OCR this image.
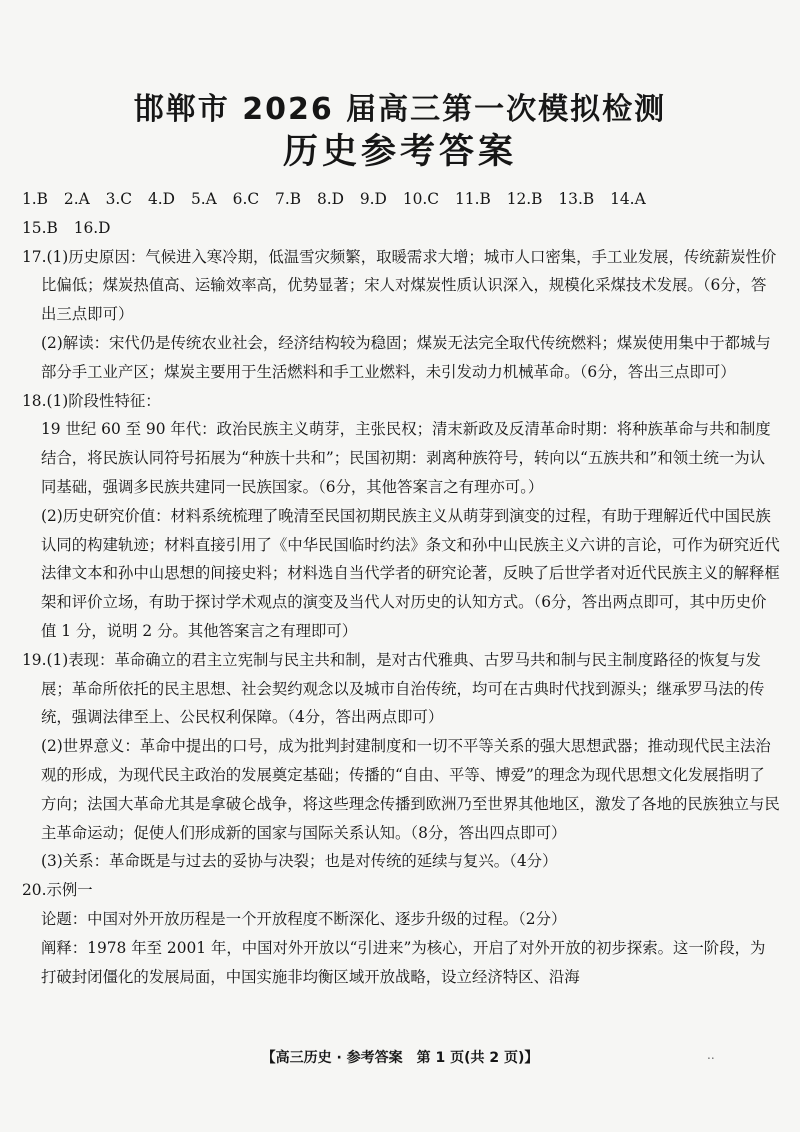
邯郸市 2026 届高三第一次模拟检测
历史参考答案
1.B 2.A 3.C 4.D 5.A 6.C 7.B 8.D 9.D 10.C 11.B 12.B 13.B 14.A
15.B 16.D
17.(1)历史原因：气候进入寒冷期，低温雪灾频繁，取暖需求大增；城市人口密集，手工业发展，传统薪炭性价比偏低；煤炭热值高、运输效率高，优势显著；宋人对煤炭性质认识深入，规模化采煤技术发展。（6分，答出三点即可）
(2)解读：宋代仍是传统农业社会，经济结构较为稳固；煤炭无法完全取代传统燃料；煤炭使用集中于都城与部分手工业产区；煤炭主要用于生活燃料和手工业燃料，未引发动力机械革命。（6分，答出三点即可）
18.(1)阶段性特征：
19 世纪 60 至 90 年代：政治民族主义萌芽，主张民权；清末新政及反清革命时期：将种族革命与共和制度结合，将民族认同符号拓展为“种族十共和”；民国初期：剥离种族符号，转向以“五族共和”和领土统一为认同基础，强调多民族共建同一民族国家。（6分，其他答案言之有理亦可。）
(2)历史研究价值：材料系统梳理了晚清至民国初期民族主义从萌芽到演变的过程，有助于理解近代中国民族认同的构建轨迹；材料直接引用了《中华民国临时约法》条文和孙中山民族主义六讲的言论，可作为研究近代法律文本和孙中山思想的间接史料；材料选自当代学者的研究论著，反映了后世学者对近代民族主义的解释框架和评价立场，有助于探讨学术观点的演变及当代人对历史的认知方式。（6分，答出两点即可，其中历史价值 1 分，说明 2 分。其他答案言之有理即可）
19.(1)表现：革命确立的君主立宪制与民主共和制，是对古代雅典、古罗马共和制与民主制度路径的恢复与发展；革命所依托的民主思想、社会契约观念以及城市自治传统，均可在古典时代找到源头；继承罗马法的传统，强调法律至上、公民权利保障。（4分，答出两点即可）
(2)世界意义：革命中提出的口号，成为批判封建制度和一切不平等关系的强大思想武器；推动现代民主法治观的形成，为现代民主政治的发展奠定基础；传播的“自由、平等、博爱”的理念为现代思想文化发展指明了方向；法国大革命尤其是拿破仑战争，将这些理念传播到欧洲乃至世界其他地区，激发了各地的民族独立与民主革命运动；促使人们形成新的国家与国际关系认知。（8分，答出四点即可）
(3)关系：革命既是与过去的妥协与决裂；也是对传统的延续与复兴。（4分）
20.示例一
论题：中国对外开放历程是一个开放程度不断深化、逐步升级的过程。（2分）
阐释：1978 年至 2001 年，中国对外开放以“引进来”为核心，开启了对外开放的初步探索。这一阶段，为打破封闭僵化的发展局面，中国实施非均衡区域开放战略，设立经济特区、沿海
【高三历史 · 参考答案　第 1 页(共 2 页)】	..
